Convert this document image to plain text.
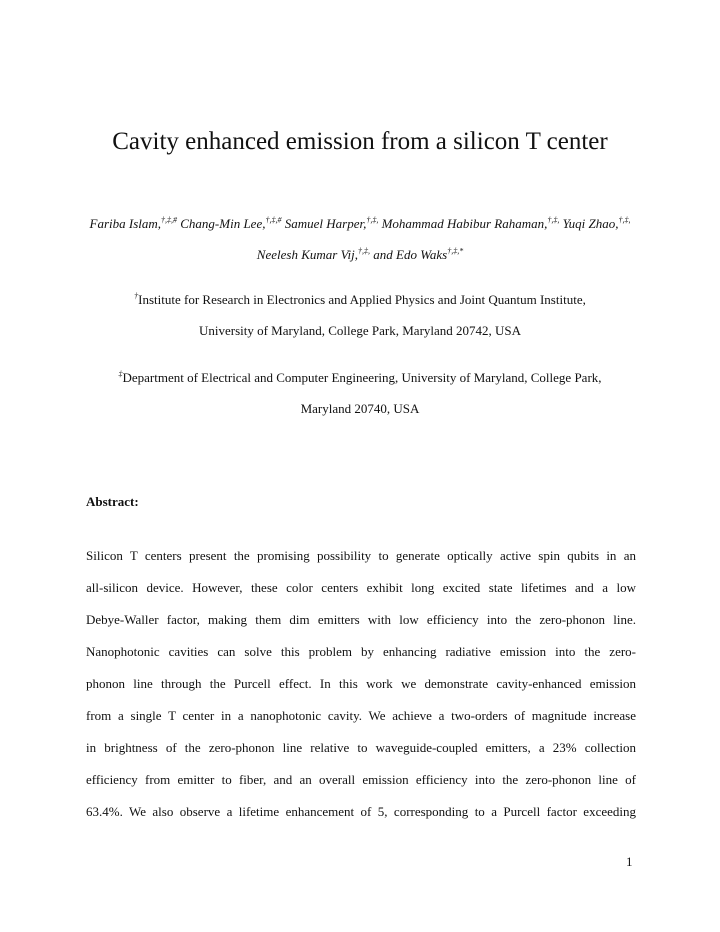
Cavity enhanced emission from a silicon T center
Fariba Islam,†,‡,# Chang-Min Lee,†,‡,# Samuel Harper,†,‡, Mohammad Habibur Rahaman,†,‡, Yuqi Zhao,†,‡, Neelesh Kumar Vij,†,‡, and Edo Waks†,‡,*
†Institute for Research in Electronics and Applied Physics and Joint Quantum Institute,
University of Maryland, College Park, Maryland 20742, USA
‡Department of Electrical and Computer Engineering, University of Maryland, College Park,
Maryland 20740, USA
Abstract:
Silicon T centers present the promising possibility to generate optically active spin qubits in an
all-silicon device. However, these color centers exhibit long excited state lifetimes and a low
Debye-Waller factor, making them dim emitters with low efficiency into the zero-phonon line.
Nanophotonic cavities can solve this problem by enhancing radiative emission into the zero-
phonon line through the Purcell effect. In this work we demonstrate cavity-enhanced emission
from a single T center in a nanophotonic cavity. We achieve a two-orders of magnitude increase
in brightness of the zero-phonon line relative to waveguide-coupled emitters, a 23% collection
efficiency from emitter to fiber, and an overall emission efficiency into the zero-phonon line of
63.4%. We also observe a lifetime enhancement of 5, corresponding to a Purcell factor exceeding
1
